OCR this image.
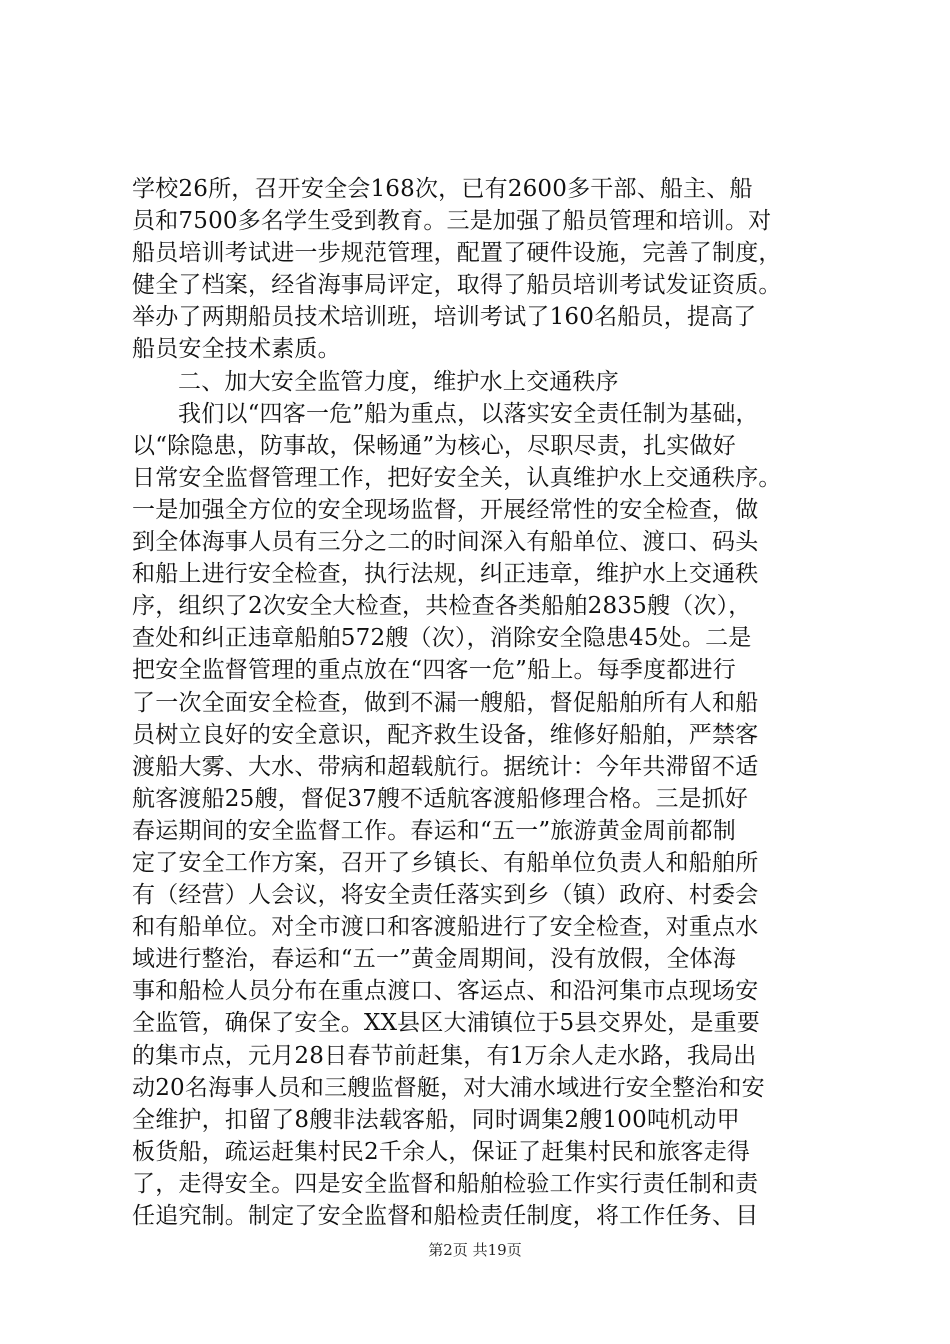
学校26所，召开安全会168次，已有2600多干部、船主、船
员和7500多名学生受到教育。三是加强了船员管理和培训。对
船员培训考试进一步规范管理，配置了硬件设施，完善了制度，
健全了档案，经省海事局评定，取得了船员培训考试发证资质。
举办了两期船员技术培训班，培训考试了160名船员，提高了
船员安全技术素质。
二、加大安全监管力度，维护水上交通秩序
我们以“四客一危”船为重点，以落实安全责任制为基础，
以“除隐患，防事故，保畅通”为核心，尽职尽责，扎实做好
日常安全监督管理工作，把好安全关，认真维护水上交通秩序。
一是加强全方位的安全现场监督，开展经常性的安全检查，做
到全体海事人员有三分之二的时间深入有船单位、渡口、码头
和船上进行安全检查，执行法规，纠正违章，维护水上交通秩
序，组织了2次安全大检查，共检查各类船舶2835艘（次），
查处和纠正违章船舶572艘（次），消除安全隐患45处。二是
把安全监督管理的重点放在“四客一危”船上。每季度都进行
了一次全面安全检查，做到不漏一艘船，督促船舶所有人和船
员树立良好的安全意识，配齐救生设备，维修好船舶，严禁客
渡船大雾、大水、带病和超载航行。据统计：今年共滞留不适
航客渡船25艘，督促37艘不适航客渡船修理合格。三是抓好
春运期间的安全监督工作。春运和“五一”旅游黄金周前都制
定了安全工作方案，召开了乡镇长、有船单位负责人和船舶所
有（经营）人会议，将安全责任落实到乡（镇）政府、村委会
和有船单位。对全市渡口和客渡船进行了安全检查，对重点水
域进行整治，春运和“五一”黄金周期间，没有放假，全体海
事和船检人员分布在重点渡口、客运点、和沿河集市点现场安
全监管，确保了安全。XX县区大浦镇位于5县交界处，是重要
的集市点，元月28日春节前赶集，有1万余人走水路，我局出
动20名海事人员和三艘监督艇，对大浦水域进行安全整治和安
全维护，扣留了8艘非法载客船，同时调集2艘100吨机动甲
板货船，疏运赶集村民2千余人，保证了赶集村民和旅客走得
了，走得安全。四是安全监督和船舶检验工作实行责任制和责
任追究制。制定了安全监督和船检责任制度，将工作任务、目
第2页 共19页
